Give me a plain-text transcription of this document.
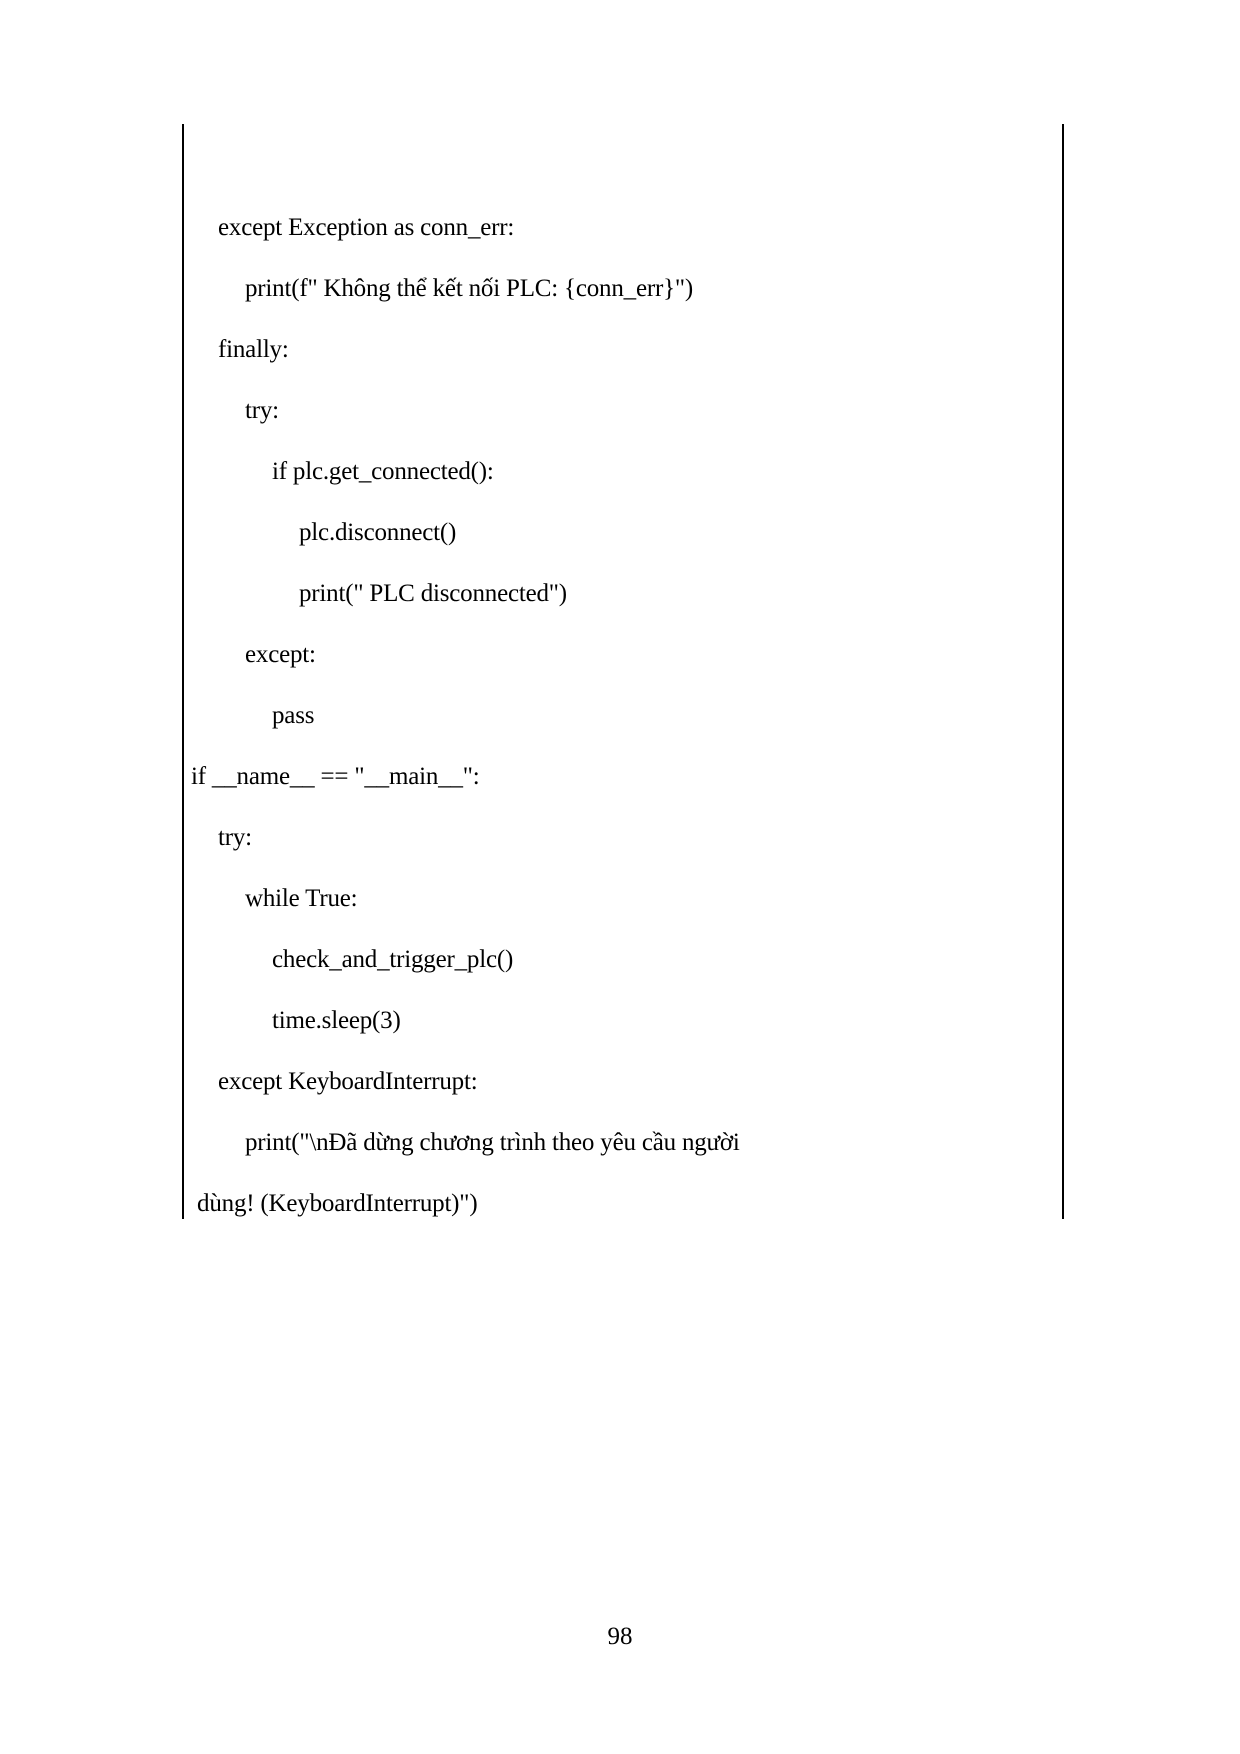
except Exception as conn_err:
print(f" Không thể kết nối PLC: {conn_err}")
finally:
try:
if plc.get_connected():
plc.disconnect()
print(" PLC disconnected")
except:
pass
if __name__ == "__main__":
try:
while True:
check_and_trigger_plc()
time.sleep(3)
except KeyboardInterrupt:
print("\nĐã dừng chương trình theo yêu cầu người
dùng! (KeyboardInterrupt)")
98
